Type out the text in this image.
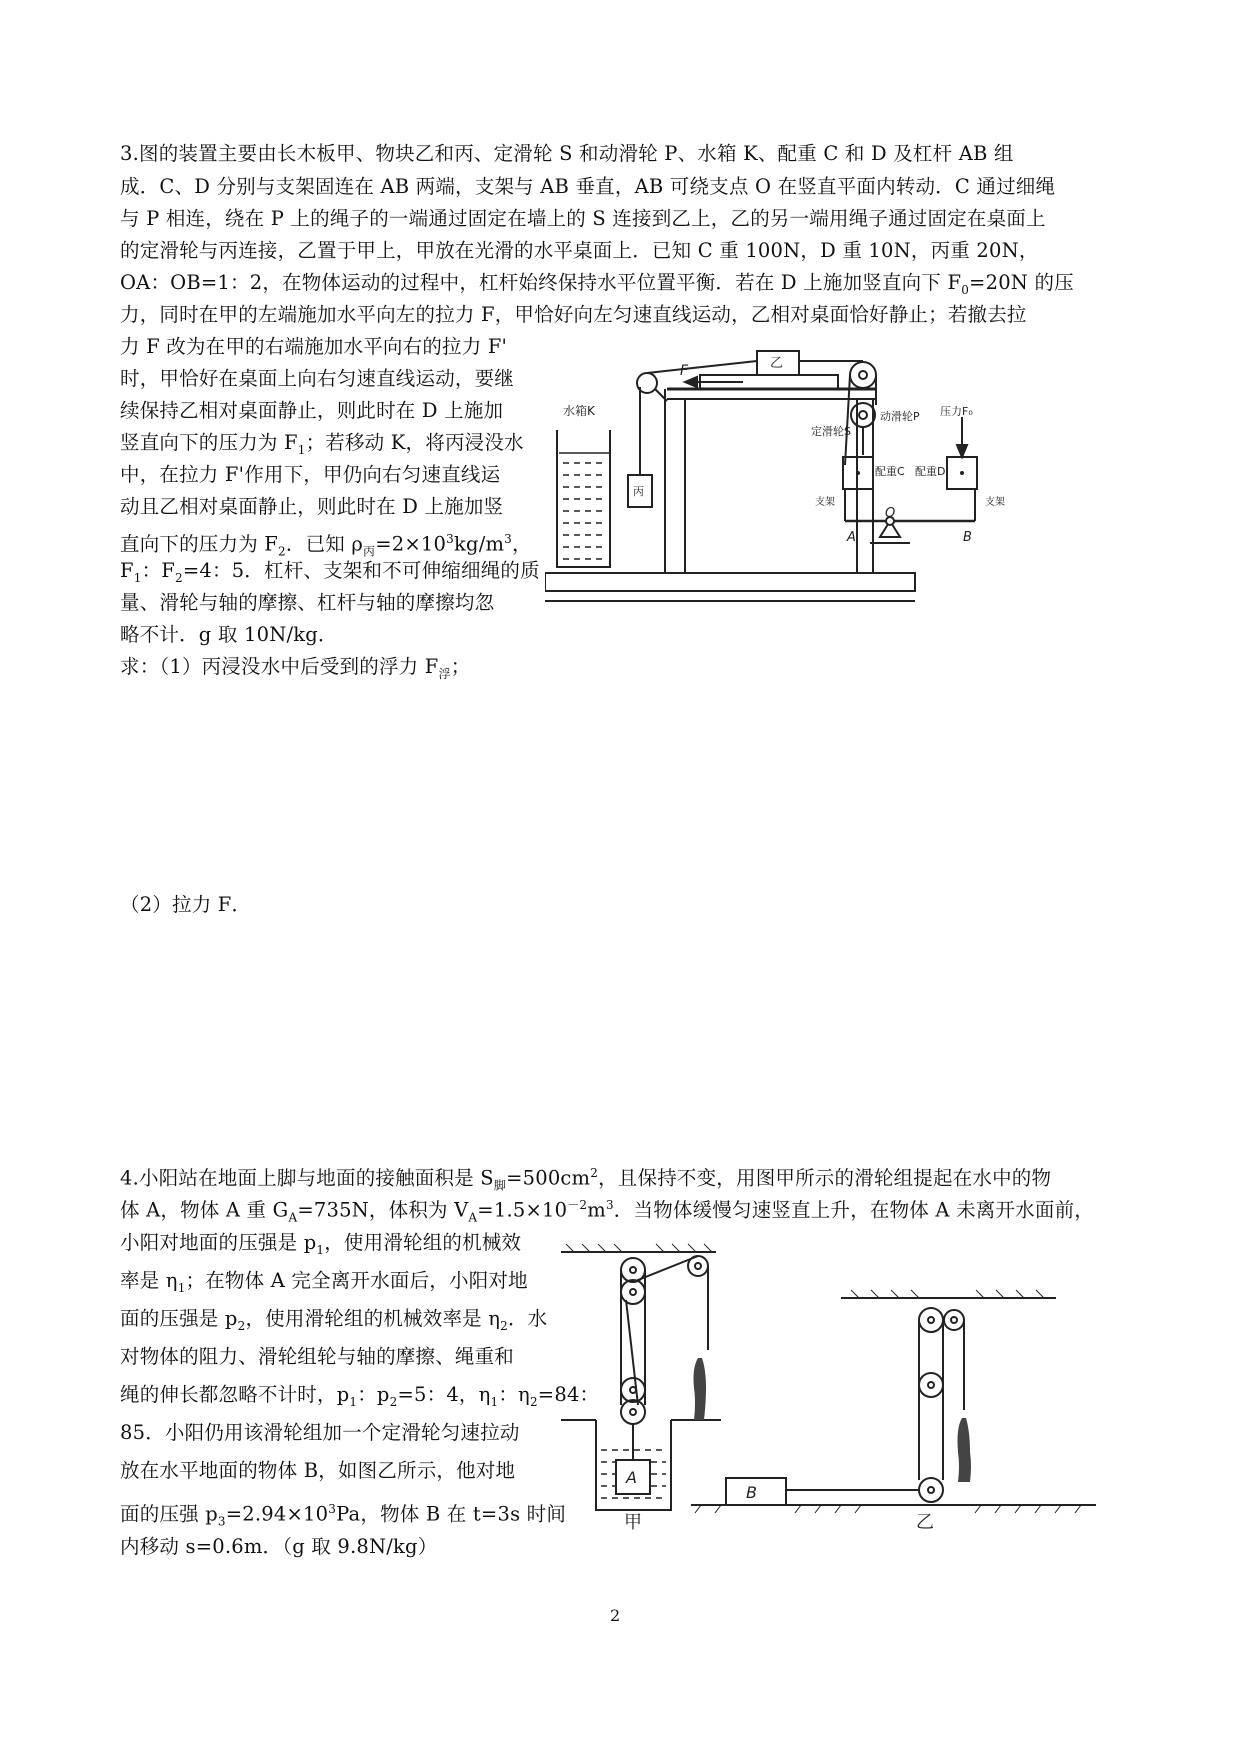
3.图的装置主要由长木板甲、物块乙和丙、定滑轮 S 和动滑轮 P、水箱 K、配重 C 和 D 及杠杆 AB 组
成．C、D 分别与支架固连在 AB 两端，支架与 AB 垂直，AB 可绕支点 O 在竖直平面内转动．C 通过细绳
与 P 相连，绕在 P 上的绳子的一端通过固定在墙上的 S 连接到乙上，乙的另一端用绳子通过固定在桌面上
的定滑轮与丙连接，乙置于甲上，甲放在光滑的水平桌面上．已知 C 重 100N，D 重 10N，丙重 20N，
OA：OB=1：2，在物体运动的过程中，杠杆始终保持水平位置平衡．若在 D 上施加竖直向下 $F_0=20N$ 的压
力，同时在甲的左端施加水平向左的拉力 F，甲恰好向左匀速直线运动，乙相对桌面恰好静止；若撤去拉
力 F 改为在甲的右端施加水平向右的拉力 F'
时，甲恰好在桌面上向右匀速直线运动，要继
续保持乙相对桌面静止，则此时在 D 上施加
竖直向下的压力为 $F_1$；若移动 K，将丙浸没水
中，在拉力 F'作用下，甲仍向右匀速直线运
动且乙相对桌面静止，则此时在 D 上施加竖
直向下的压力为 $F_2$．已知 $\rho_丙=2\times 10^3kg/m^3$，
$F_1$：$F_2=4$：5．杠杆、支架和不可伸缩细绳的质
量、滑轮与轴的摩擦、杠杆与轴的摩擦均忽
略不计．g 取 10N/kg．
求：（1）丙浸没水中后受到的浮力 $F_浮$；
（2）拉力 F．
水箱K
丙
乙
F
动滑轮P
定滑轮S
配重C 配重D
压力F₀
支架	支架
O
A	B
4.小阳站在地面上脚与地面的接触面积是 $S_脚=500cm^2$，且保持不变，用图甲所示的滑轮组提起在水中的物
体 A，物体 A 重 $G_A=735N$，体积为 $V_A=1.5\times 10^{-2}m^3$．当物体缓慢匀速竖直上升，在物体 A 未离开水面前，
小阳对地面的压强是 $p_1$，使用滑轮组的机械效
率是 $\eta_1$；在物体 A 完全离开水面后，小阳对地
面的压强是 $p_2$，使用滑轮组的机械效率是 $\eta_2$．水
对物体的阻力、滑轮组轮与轴的摩擦、绳重和
绳的伸长都忽略不计时，$p_1$：$p_2=5$：4，$\eta_1$：$\eta_2=84$：
85．小阳仍用该滑轮组加一个定滑轮匀速拉动
放在水平地面的物体 B，如图乙所示，他对地
面的压强 $p_3=2.94\times 10^3Pa$，物体 B 在 t=3s 时间
内移动 s=0.6m．（g 取 9.8N/kg）
A
B
甲	乙
2
